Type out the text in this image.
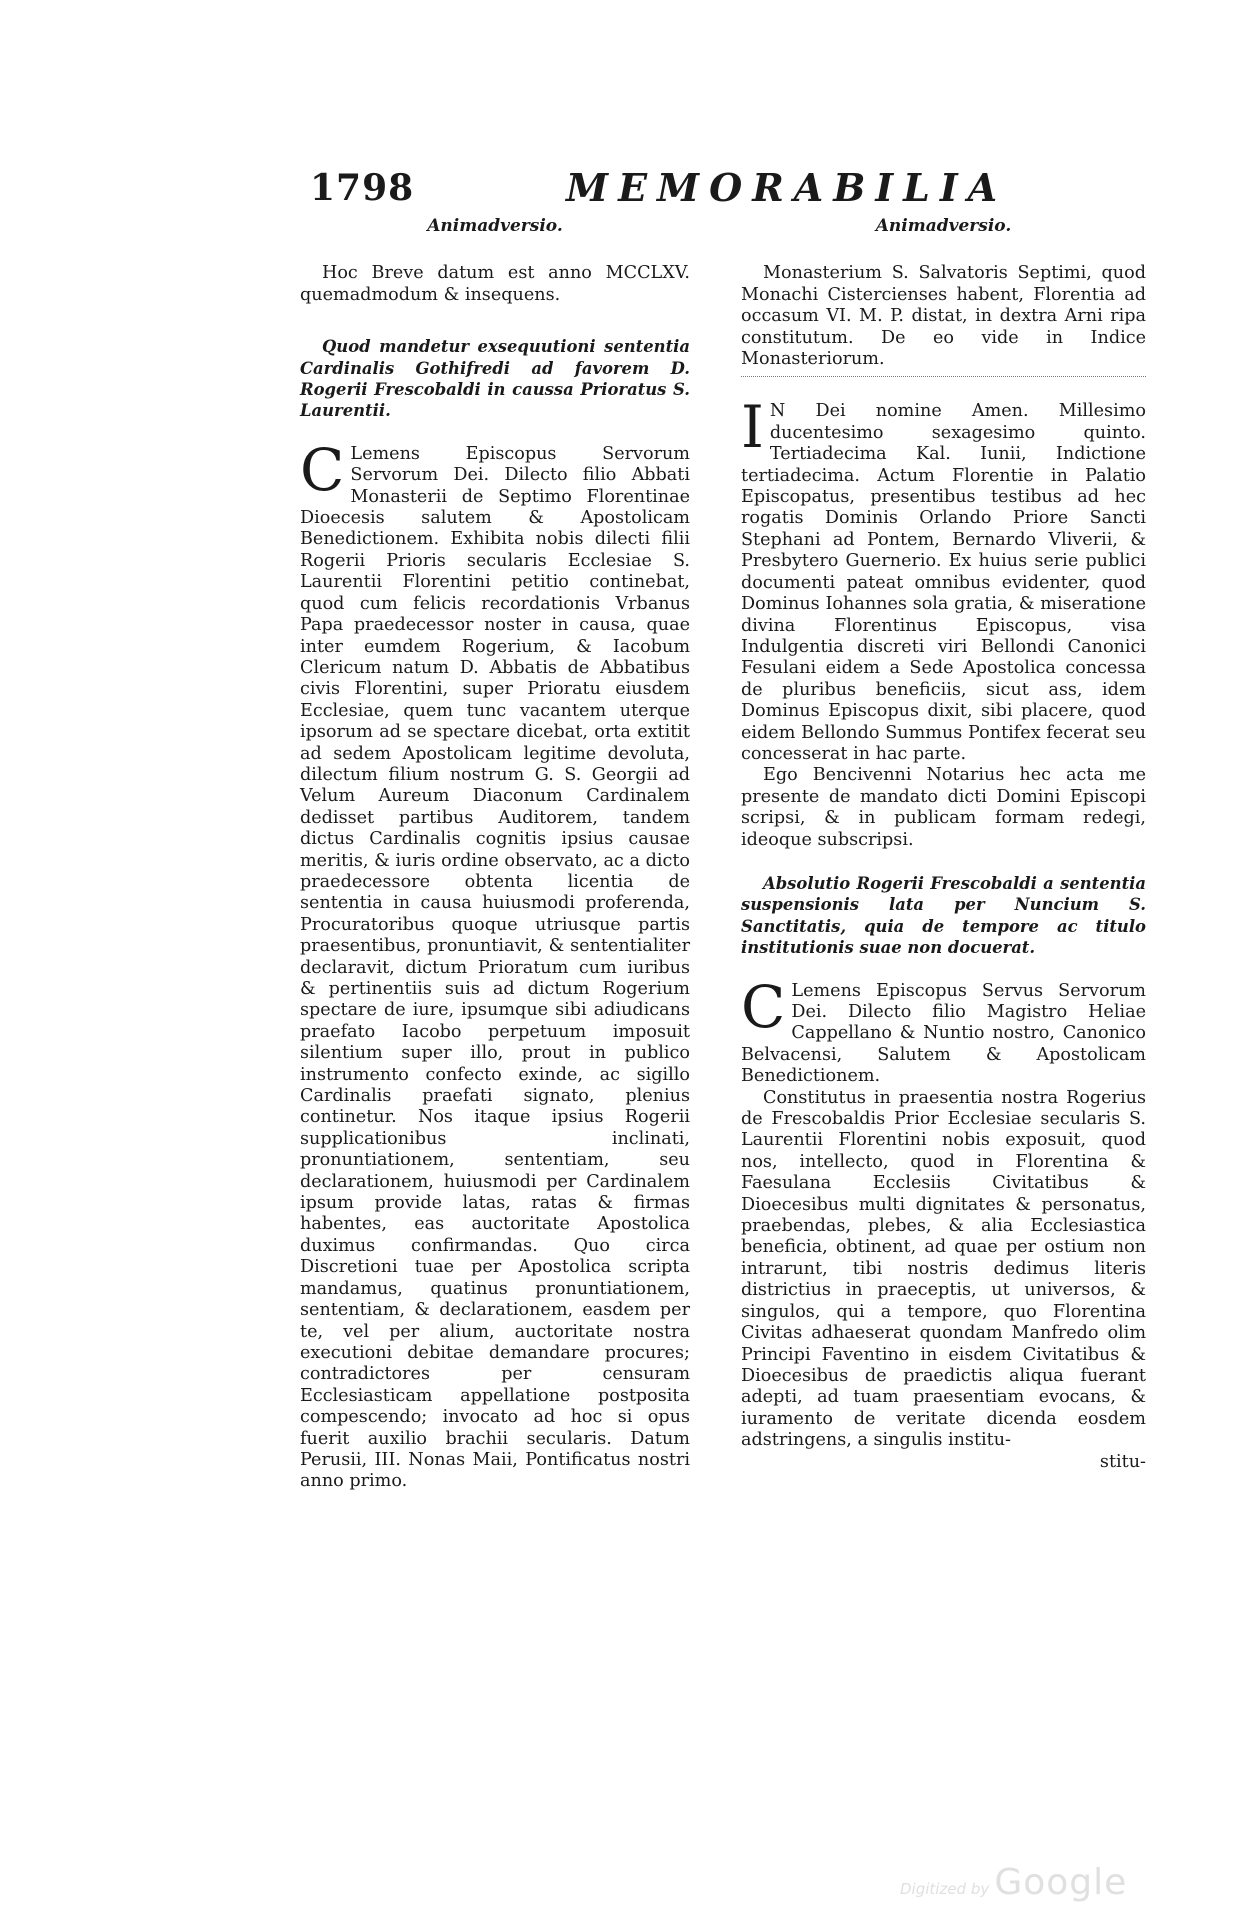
1798	MEMORABILIA
Animadversio.

Hoc Breve datum est anno MCCLXV. quemadmodum & insequens.

Quod mandetur exsequutioni sententia Cardinalis Gothifredi ad favorem D. Rogerii Frescobaldi in caussa Prioratus S. Laurentii.

C Lemens Episcopus Servorum Servorum Dei. Dilecto filio Abbati Monasterii de Septimo Florentinae Dioecesis salutem & Apostolicam Benedictionem. Exhibita nobis dilecti filii Rogerii Prioris secularis Ecclesiae S. Laurentii Florentini petitio continebat, quod cum felicis recordationis Vrbanus Papa praedecessor noster in causa, quae inter eumdem Rogerium, & Iacobum Clericum natum D. Abbatis de Abbatibus civis Florentini, super Prioratu eiusdem Ecclesiae, quem tunc vacantem uterque ipsorum ad se spectare dicebat, orta extitit ad sedem Apostolicam legitime devoluta, dilectum filium nostrum G. S. Georgii ad Velum Aureum Diaconum Cardinalem dedisset partibus Auditorem, tandem dictus Cardinalis cognitis ipsius causae meritis, & iuris ordine observato, ac a dicto praedecessore obtenta licentia de sententia in causa huiusmodi proferenda, Procuratoribus quoque utriusque partis praesentibus, pronuntiavit, & sententialiter declaravit, dictum Prioratum cum iuribus & pertinentiis suis ad dictum Rogerium spectare de iure, ipsumque sibi adiudicans praefato Iacobo perpetuum imposuit silentium super illo, prout in publico instrumento confecto exinde, ac sigillo Cardinalis praefati signato, plenius continetur. Nos itaque ipsius Rogerii supplicationibus inclinati, pronuntiationem, sententiam, seu declarationem, huiusmodi per Cardinalem ipsum provide latas, ratas & firmas habentes, eas auctoritate Apostolica duximus confirmandas. Quo circa Discretioni tuae per Apostolica scripta mandamus, quatinus pronuntiationem, sententiam, & declarationem, easdem per te, vel per alium, auctoritate nostra executioni debitae demandare procures; contradictores per censuram Ecclesiasticam appellatione postposita compescendo; invocato ad hoc si opus fuerit auxilio brachii secularis. Datum Perusii, III. Nonas Maii, Pontificatus nostri anno primo.

Animadversio.

Monasterium S. Salvatoris Septimi, quod Monachi Cistercienses habent, Florentia ad occasum VI. M. P. distat, in dextra Arni ripa constitutum. De eo vide in Indice Monasteriorum.

I N Dei nomine Amen. Millesimo ducentesimo sexagesimo quinto. Tertiadecima Kal. Iunii, Indictione tertiadecima. Actum Florentie in Palatio Episcopatus, presentibus testibus ad hec rogatis Dominis Orlando Priore Sancti Stephani ad Pontem, Bernardo Vliverii, & Presbytero Guernerio. Ex huius serie publici documenti pateat omnibus evidenter, quod Dominus Iohannes sola gratia, & miseratione divina Florentinus Episcopus, visa Indulgentia discreti viri Bellondi Canonici Fesulani eidem a Sede Apostolica concessa de pluribus beneficiis, sicut ass, idem Dominus Episcopus dixit, sibi placere, quod eidem Bellondo Summus Pontifex fecerat seu concesserat in hac parte.

Ego Bencivenni Notarius hec acta me presente de mandato dicti Domini Episcopi scripsi, & in publicam formam redegi, ideoque subscripsi.

Absolutio Rogerii Frescobaldi a sententia suspensionis lata per Nuncium S. Sanctitatis, quia de tempore ac titulo institutionis suae non docuerat.

C Lemens Episcopus Servus Servorum Dei. Dilecto filio Magistro Heliae Cappellano & Nuntio nostro, Canonico Belvacensi, Salutem & Apostolicam Benedictionem.

Constitutus in praesentia nostra Rogerius de Frescobaldis Prior Ecclesiae secularis S. Laurentii Florentini nobis exposuit, quod nos, intellecto, quod in Florentina & Faesulana Ecclesiis Civitatibus & Dioecesibus multi dignitates & personatus, praebendas, plebes, & alia Ecclesiastica beneficia, obtinent, ad quae per ostium non intrarunt, tibi nostris dedimus literis districtius in praeceptis, ut universos, & singulos, qui a tempore, quo Florentina Civitas adhaeserat quondam Manfredo olim Principi Faventino in eisdem Civitatibus & Dioecesibus de praedictis aliqua fuerant adepti, ad tuam praesentiam evocans, & iuramento de veritate dicenda eosdem adstringens, a singulis institu-

stitu-

Digitized by Google
